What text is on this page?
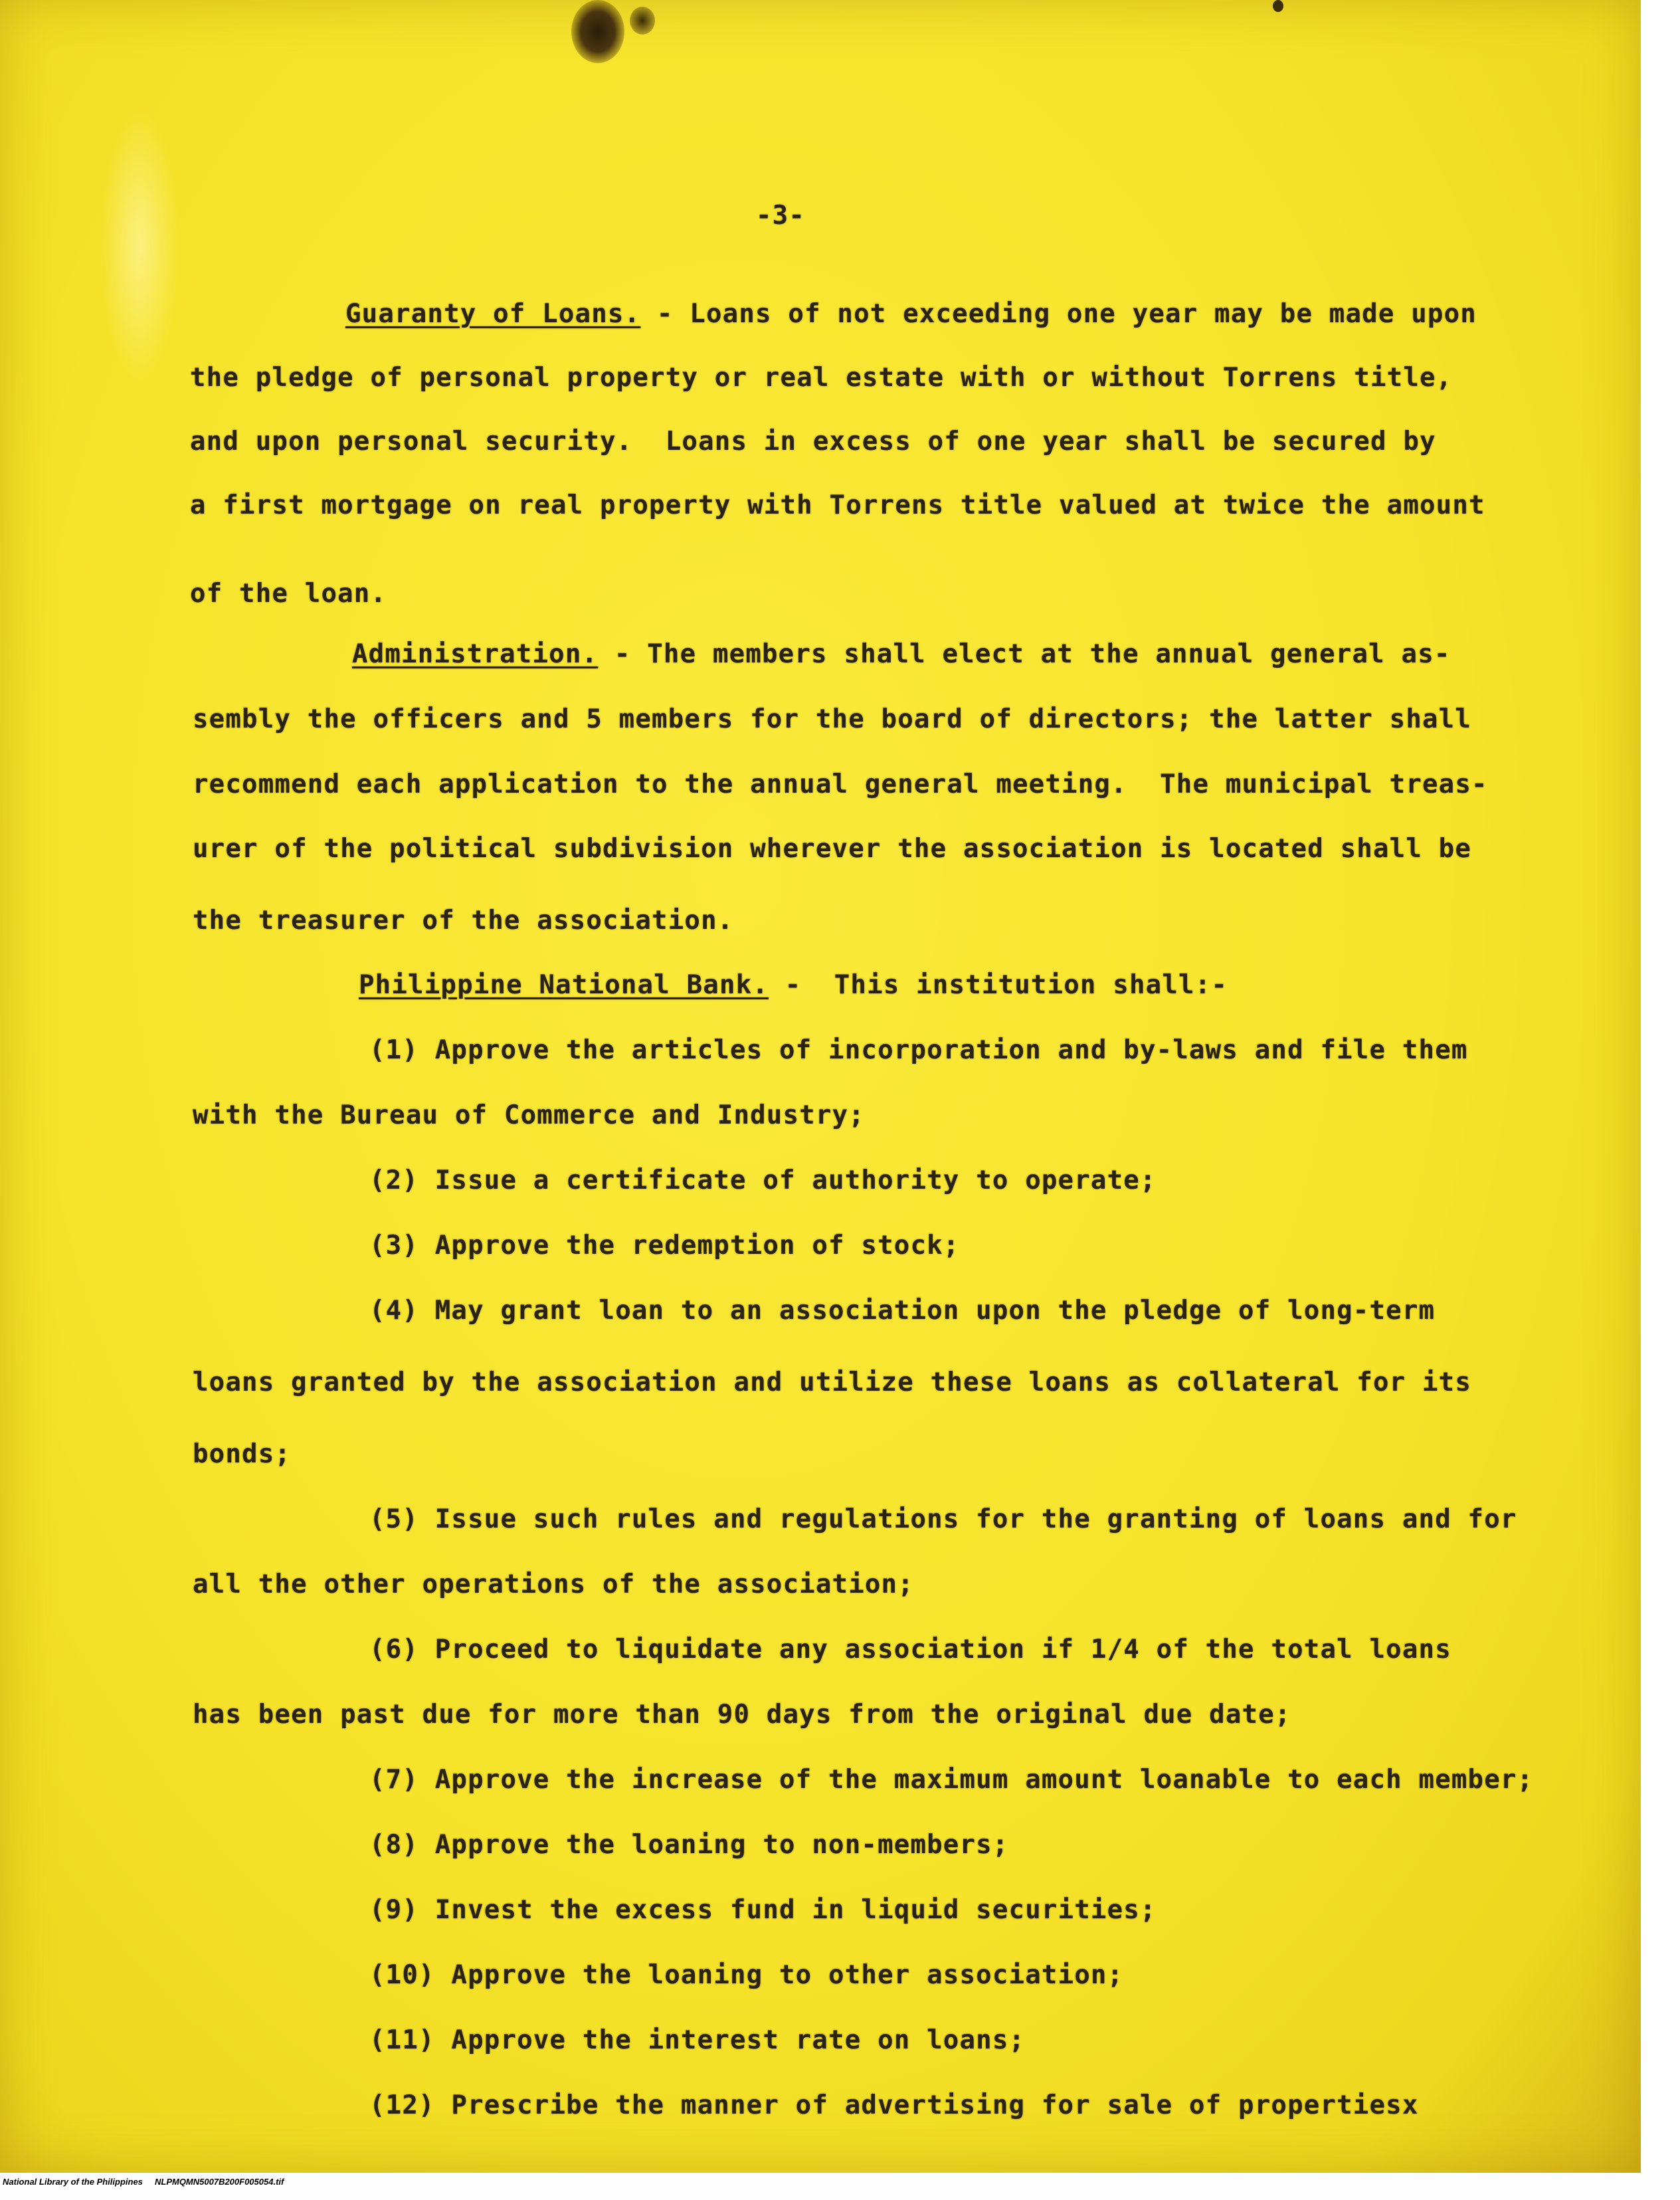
-3-

Guaranty of Loans. - Loans of not exceeding one year may be made upon

the pledge of personal property or real estate with or without Torrens title,

and upon personal security.  Loans in excess of one year shall be secured by

a first mortgage on real property with Torrens title valued at twice the amount

of the loan.

Administration. - The members shall elect at the annual general as-

sembly the officers and 5 members for the board of directors; the latter shall

recommend each application to the annual general meeting.  The municipal treas-

urer of the political subdivision wherever the association is located shall be

the treasurer of the association.

Philippine National Bank. -  This institution shall:-

(1) Approve the articles of incorporation and by-laws and file them

with the Bureau of Commerce and Industry;

(2) Issue a certificate of authority to operate;

(3) Approve the redemption of stock;

(4) May grant loan to an association upon the pledge of long-term

loans granted by the association and utilize these loans as collateral for its

bonds;

(5) Issue such rules and regulations for the granting of loans and for

all the other operations of the association;

(6) Proceed to liquidate any association if 1/4 of the total loans

has been past due for more than 90 days from the original due date;

(7) Approve the increase of the maximum amount loanable to each member;

(8) Approve the loaning to non-members;

(9) Invest the excess fund in liquid securities;

(10) Approve the loaning to other association;

(11) Approve the interest rate on loans;

(12) Prescribe the manner of advertising for sale of propertiesx

National Library of the Philippines NLPMQMN5007B200F005054.tif
